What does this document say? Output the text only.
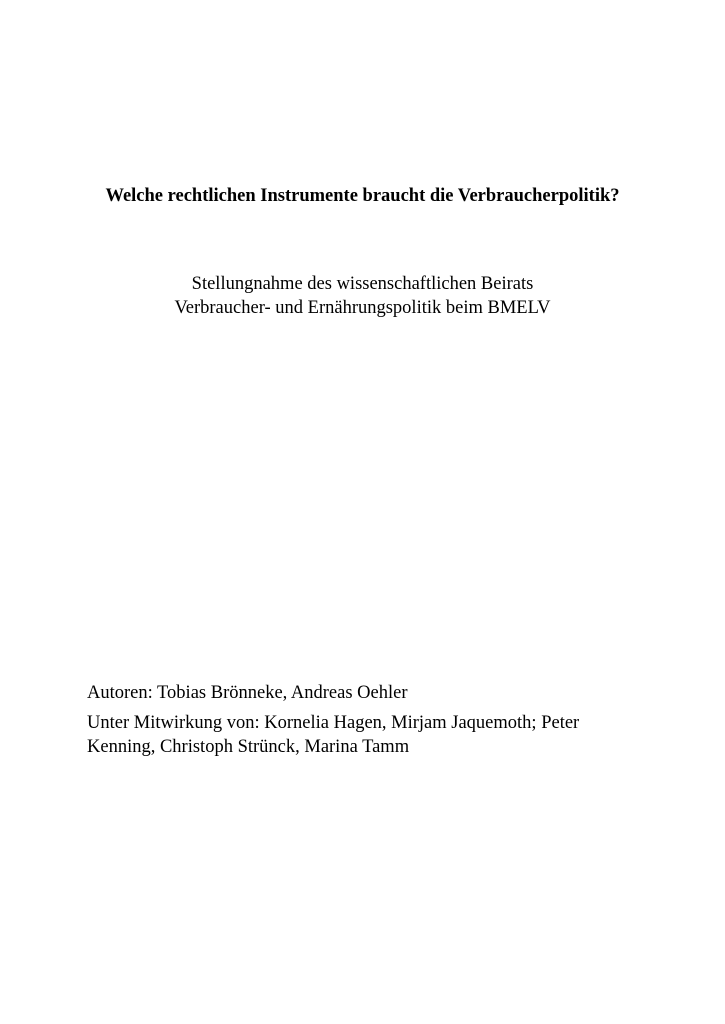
Welche rechtlichen Instrumente braucht die Verbraucherpolitik?
Stellungnahme des wissenschaftlichen Beirats
Verbraucher- und Ernährungspolitik beim BMELV
Autoren: Tobias Brönneke, Andreas Oehler
Unter Mitwirkung von: Kornelia Hagen, Mirjam Jaquemoth; Peter
Kenning, Christoph Strünck, Marina Tamm
